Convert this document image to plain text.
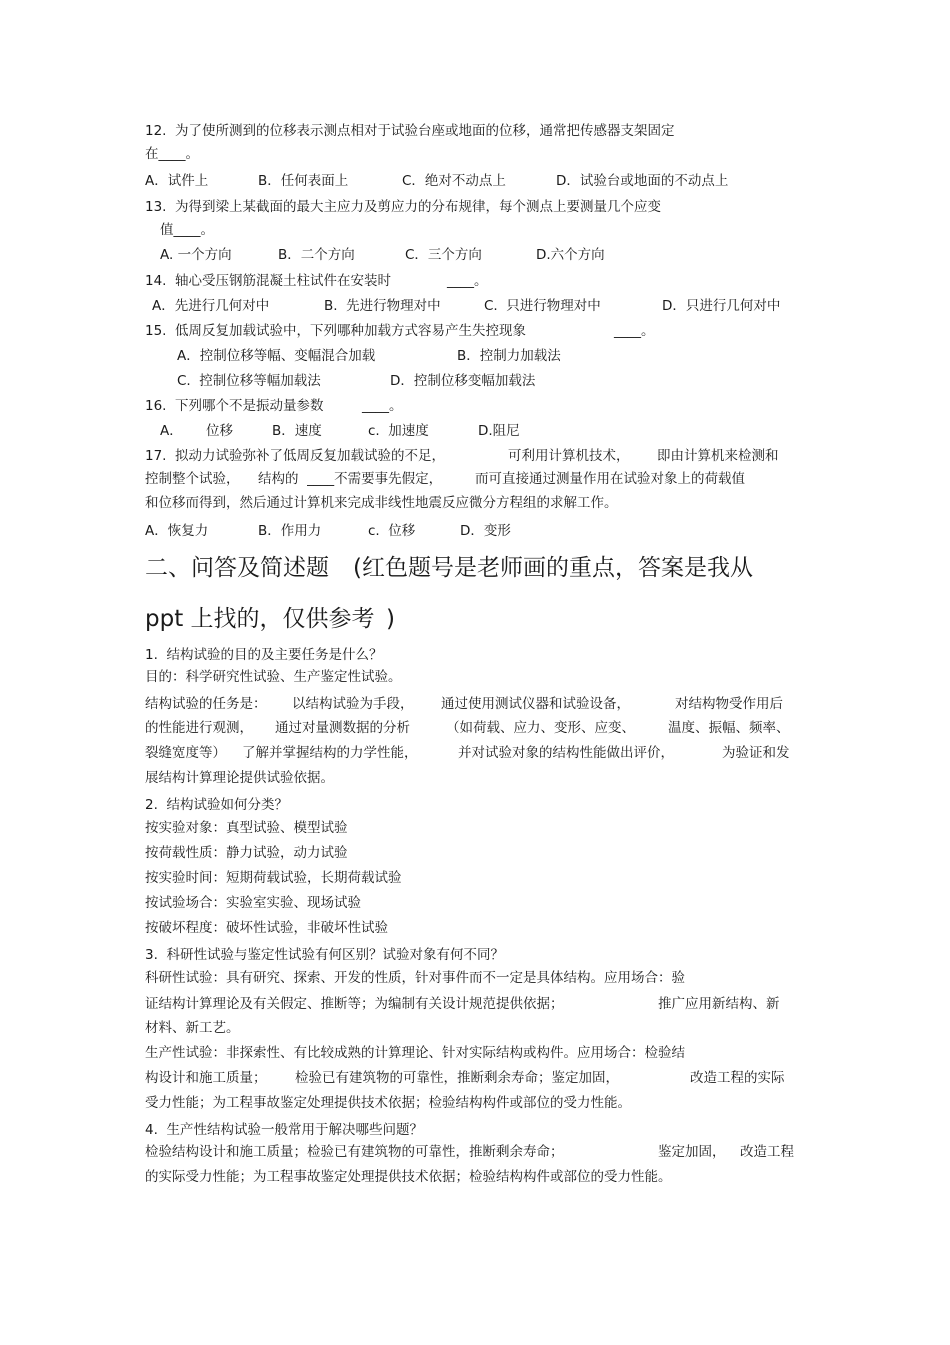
12.  为了使所测到的位移表示测点相对于试验台座或地面的位移，通常把传感器支架固定
在____。
A．试件上	B．任何表面上	C．绝对不动点上	D．试验台或地面的不动点上
13.  为得到梁上某截面的最大主应力及剪应力的分布规律，每个测点上要测量几个应变
值____。
A. 一个方向	B．二个方向	C．三个方向	D.六个方向
14.  轴心受压钢筋混凝土柱试件在安装时	____。
A．先进行几何对中	B.  先进行物理对中	C.  只进行物理对中	D．只进行几何对中
15.  低周反复加载试验中，下列哪种加载方式容易产生失控现象	____。
A．控制位移等幅、变幅混合加载	B．控制力加载法
C.  控制位移等幅加载法	D．控制位移变幅加载法
16.  下列哪个不是振动量参数	____。
A． 位移	B．速度	c.  加速度	D.阻尼
17.  拟动力试验弥补了低周反复加载试验的不足，	可利用计算机技术， 即由计算机来检测和
控制整个试验， 结构的  ____不需要事先假定， 而可直接通过测量作用在试验对象上的荷载值
和位移而得到，然后通过计算机来完成非线性地震反应微分方程组的求解工作。
A．恢复力	B．作用力	c.  位移	D．变形
二、问答及简述题 (红色题号是老师画的重点，答案是我从
ppt 上找的，仅供参考 )
1.  结构试验的目的及主要任务是什么？
目的：科学研究性试验、生产鉴定性试验。
结构试验的任务是： 以结构试验为手段， 通过使用测试仪器和试验设备，	对结构物受作用后
的性能进行观测， 通过对量测数据的分析	（如荷载、应力、变形、应变、 温度、振幅、频率、
裂缝宽度等） 了解并掌握结构的力学性能，	并对试验对象的结构性能做出评价，	为验证和发
展结构计算理论提供试验依据。
2.  结构试验如何分类？
按实验对象：真型试验、模型试验
按荷载性质：静力试验，动力试验
按实验时间：短期荷载试验，长期荷载试验
按试验场合：实验室实验、现场试验
按破坏程度：破坏性试验，非破坏性试验
3.  科研性试验与鉴定性试验有何区别？试验对象有何不同？
科研性试验：具有研究、探索、开发的性质，针对事件而不一定是具体结构。应用场合：验
证结构计算理论及有关假定、推断等；为编制有关设计规范提供依据；	推广应用新结构、新
材料、新工艺。
生产性试验：非探索性、有比较成熟的计算理论、针对实际结构或构件。应用场合：检验结
构设计和施工质量； 检验已有建筑物的可靠性，推断剩余寿命；鉴定加固，	改造工程的实际
受力性能；为工程事故鉴定处理提供技术依据；检验结构构件或部位的受力性能。
4.  生产性结构试验一般常用于解决哪些问题？
检验结构设计和施工质量；检验已有建筑物的可靠性，推断剩余寿命；	鉴定加固， 改造工程
的实际受力性能；为工程事故鉴定处理提供技术依据；检验结构构件或部位的受力性能。
